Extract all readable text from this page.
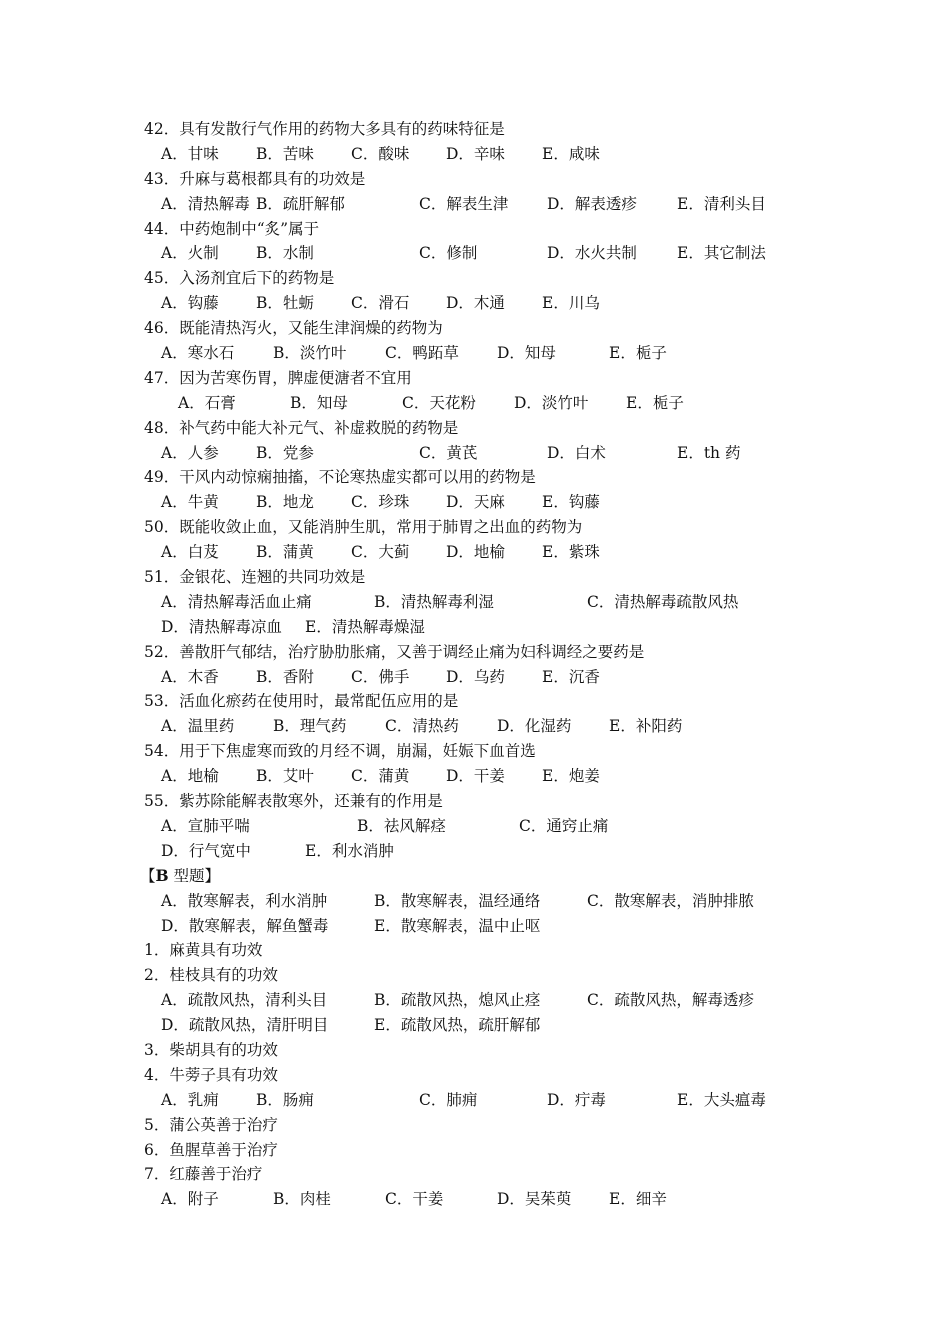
42．具有发散行气作用的药物大多具有的药味特征是
A．甘味 B．苦味 C．酸味 D．辛味 E．咸味
43．升麻与葛根都具有的功效是
A．清热解毒 B．疏肝解郁	C．解表生津 D．解表透疹	E．清利头目
44．中药炮制中“炙”属于
A．火制 B．水制	C．修制	D．水火共制	E．其它制法
45．入汤剂宜后下的药物是
A．钩藤 B．牡蛎 C．滑石 D．木通 E．川乌
46．既能清热泻火，又能生津润燥的药物为
A．寒水石	B．淡竹叶 C．鸭跖草 D．知母	E．栀子
47．因为苦寒伤胃，脾虚便溏者不宜用
A．石膏	B．知母	C．天花粉 D．淡竹叶 E．栀子
48．补气药中能大补元气、补虚救脱的药物是
A．人参 B．党参	C．黄芪	D．白术	E．th 药
49．干风内动惊痫抽搐，不论寒热虚实都可以用的药物是
A．牛黄 B．地龙 C．珍珠 D．天麻 E．钩藤
50．既能收敛止血，又能消肿生肌，常用于肺胃之出血的药物为
A．白芨 B．蒲黄 C．大蓟 D．地榆 E．紫珠
51．金银花、连翘的共同功效是
A．清热解毒活血止痛	B．清热解毒利湿	C．清热解毒疏散风热
D．清热解毒凉血 E．清热解毒燥湿
52．善散肝气郁结，治疗胁肋胀痛，又善于调经止痛为妇科调经之要药是
A．木香 B．香附 C．佛手 D．乌药 E．沉香
53．活血化瘀药在使用时，最常配伍应用的是
A．温里药	B．理气药 C．清热药 D．化湿药 E．补阳药
54．用于下焦虚寒而致的月经不调，崩漏，妊娠下血首选
A．地榆 B．艾叶 C．蒲黄 D．干姜 E．炮姜
55．紫苏除能解表散寒外，还兼有的作用是
A．宣肺平喘	B．祛风解痉	C．通窍止痛
D．行气宽中	E．利水消肿
【B 型题】
A．散寒解表，利水消肿	B．散寒解表，温经通络	C．散寒解表，消肿排脓
D．散寒解表，解鱼蟹毒	E．散寒解表，温中止呕
1．麻黄具有功效
2．桂枝具有的功效
A．疏散风热，清利头目	B．疏散风热，熄风止痉	C．疏散风热，解毒透疹
D．疏散风热，清肝明目	E．疏散风热，疏肝解郁
3．柴胡具有的功效
4．牛蒡子具有功效
A．乳痈 B．肠痈	C．肺痈	D．疔毒	E．大头瘟毒
5．蒲公英善于治疗
6．鱼腥草善于治疗
7．红藤善于治疗
A．附子	B．肉桂	C．干姜	D．吴茱萸 E．细辛
